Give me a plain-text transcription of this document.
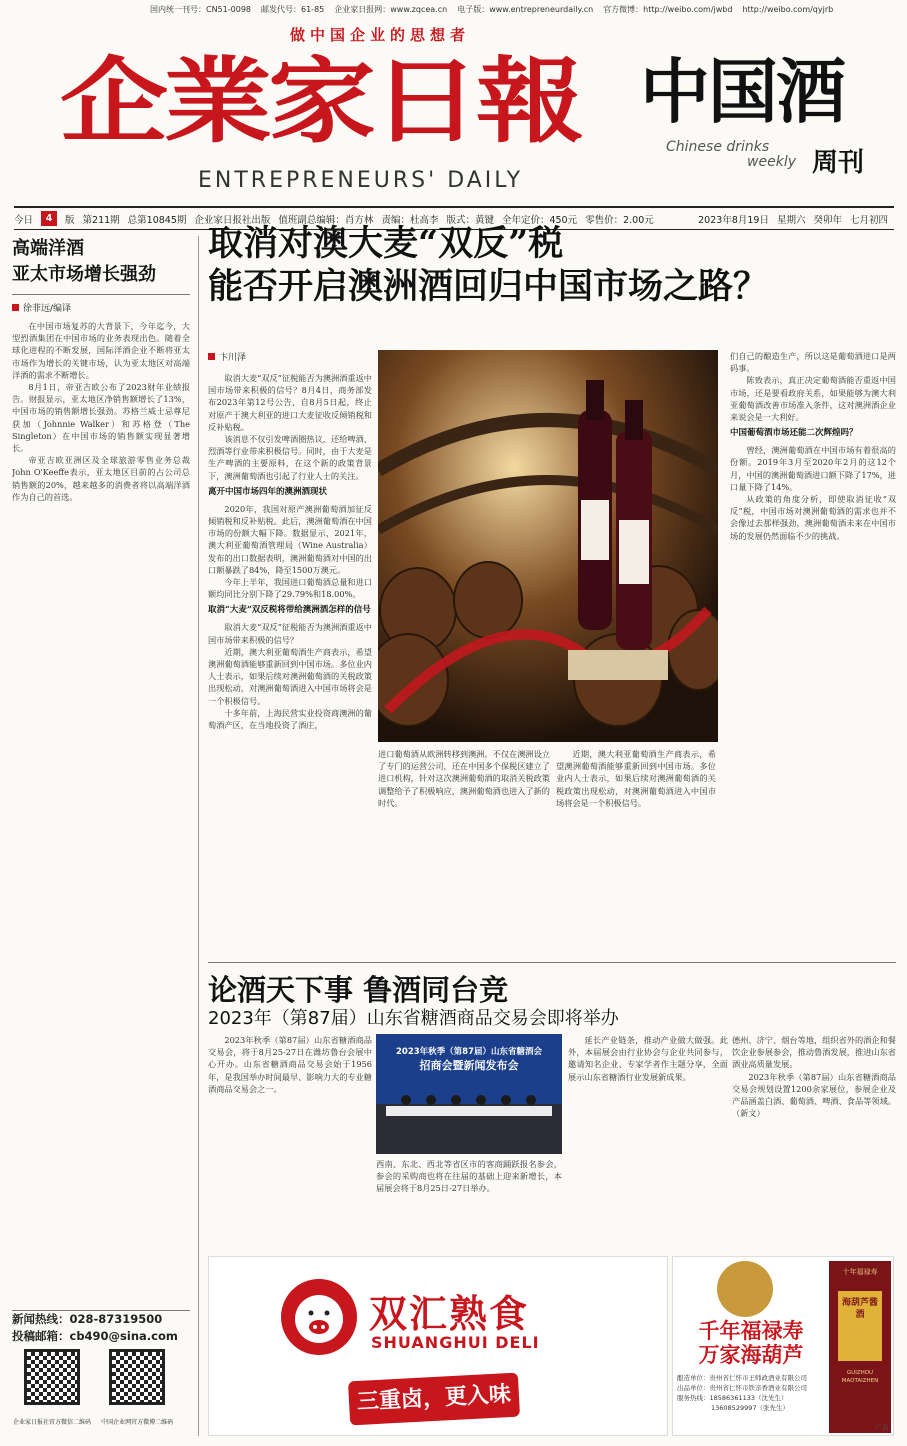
国内统一刊号：CN51-0098 邮发代号：61-85 企业家日报网：www.zqcea.cn 电子版：www.entrepreneurdaily.cn 官方微博：http://weibo.com/jwbd http://weibo.com/qyjrb
做中国企业的思想者
企業家日報
ENTREPRENEURS' DAILY
中国酒
Chinese drinks
weekly 周刊
今日	4	版 第211期 总第10845期 企业家日报社出版 值班副总编辑：肖方林 责编：杜高李 版式：黄键 全年定价：450元 零售价：2.00元	2023年8月19日 星期六 癸卯年 七月初四
高端洋酒
亚太市场增长强劲
徐菲远/编译

在中国市场复苏的大背景下，今年迄今，大型烈酒集团在中国市场的业务表现出色。随着全球化进程的不断发展，国际洋酒企业不断将亚太市场作为增长的关键市场，认为亚太地区对高端洋酒的需求不断增长。

8月1日，帝亚吉欧公布了2023财年业绩报告。财报显示，亚太地区净销售额增长了13%，中国市场的销售额增长强劲。苏格兰威士忌尊尼获加（Johnnie Walker）和苏格登（The Singleton）在中国市场的销售额实现显著增长。

帝亚吉欧亚洲区及全球旅游零售业务总裁John O'Keeffe表示，亚太地区目前的占公司总销售额的20%，越来越多的消费者将以高端洋酒作为自己的首选。

新闻热线：028-87319500
投稿邮箱：cb490@sina.com

企业家日报社官方微信二维码 中国企业网官方微博二维码
取消对澳大麦“双反”税
能否开启澳洲酒回归中国市场之路？
卞川泽

取消大麦“双反”征税能否为澳洲酒重返中国市场带来积极的信号？8月4日，商务部发布2023年第12号公告，自8月5日起，终止对原产于澳大利亚的进口大麦征收反倾销税和反补贴税。

该消息不仅引发啤酒圈热议，还给啤酒、烈酒等行业带来积极信号。同时，由于大麦是生产啤酒的主要原料，在这个新的政策背景下，澳洲葡萄酒也引起了行业人士的关注。

离开中国市场四年的澳洲酒现状

2020年，我国对原产澳洲葡萄酒加征反倾销税和反补贴税。此后，澳洲葡萄酒在中国市场的份额大幅下降。数据显示，2021年，澳大利亚葡萄酒管理局（Wine Australia）发布的出口数据表明，澳洲葡萄酒对中国的出口额暴跌了84%，降至1500万澳元。

今年上半年，我国进口葡萄酒总量和进口额均同比分别下降了29.79%和18.00%。

取消“大麦”双反税将带给澳洲酒怎样的信号

取消大麦“双反”征税能否为澳洲酒重返中国市场带来积极的信号？

近期，澳大利亚葡萄酒生产商表示，希望澳洲葡萄酒能够重新回到中国市场。多位业内人士表示，如果后续对澳洲葡萄酒的关税政策出现松动，对澳洲葡萄酒进入中国市场将会是一个积极信号。

十多年前，上海民营实业投资商澳洲的葡萄酒产区，在当地投资了酒庄，

进口葡萄酒从欧洲转移到澳洲。不仅在澳洲设立了专门的运营公司，还在中国多个保税区建立了进口机构，针对这次澳洲葡萄酒的取消关税政策调整给予了积极响应，澳洲葡萄酒也进入了新的时代。

近期，澳大利亚葡萄酒生产商表示，希望澳洲葡萄酒能够重新回到中国市场。多位业内人士表示，如果后续对澳洲葡萄酒的关税政策出现松动，对澳洲葡萄酒进入中国市场将会是一个积极信号。

们自己的酿造生产，所以这是葡萄酒进口是两码事。

陈致表示，真正决定葡萄酒能否重返中国市场，还是要看政府关系，如果能够为澳大利亚葡萄酒改善市场准入条件，这对澳洲酒企业来说会是一大利好。

中国葡萄酒市场还能二次辉煌吗？

曾经，澳洲葡萄酒在中国市场有着很高的份额。2019年3月至2020年2月的这12个月，中国的澳洲葡萄酒进口额下降了17%，进口量下降了14%。

从政策的角度分析，即使取消征收“双反”税，中国市场对澳洲葡萄酒的需求也并不会像过去那样强劲，澳洲葡萄酒未来在中国市场的发展仍然面临不少的挑战。

论酒天下事 鲁酒同台竞
2023年（第87届）山东省糖酒商品交易会即将举办

2023年秋季（第87届）山东省糖酒商品交易会，将于8月25-27日在潍坊鲁台会展中心开办。山东省糖酒商品交易会始于1956年，是我国举办时间最早、影响力大的专业糖酒商品交易会之一。

2023年秋季（第87届）山东省糖酒会
招商会暨新闻发布会

西南、东北、西北等省区市的客商踊跃报名参会，参会的采购商也将在往届的基础上迎来新增长，本届展会将于8月25日-27日举办。

延长产业链条，推动产业做大做强。此外，本届展会由行业协会与企业共同参与，邀请知名企业、专家学者作主题分享，全面展示山东省糖酒行业发展新成果。

德州、济宁、烟台等地，组织省外的酒企和餐饮企业参展参会，推动鲁酒发展，推进山东省酒业高质量发展。

2023年秋季（第87届）山东省糖酒商品交易会规划设置1200余家展位，参展企业及产品涵盖白酒、葡萄酒、啤酒、食品等领域。（新文）

双汇熟食
SHUANGHUI DELI
三重卤，更入味
千年福禄寿
万家海葫芦
酿造单位：贵州省仁怀市王师政酒业有限公司
出品单位：贵州省仁怀市铁亲香酒业有限公司
服务热线：18586361133（沈先生）
13608529997（张先生）
十年福禄寿
海葫芦酱酒
GUIZHOU MAOTAIZHEN
广告
